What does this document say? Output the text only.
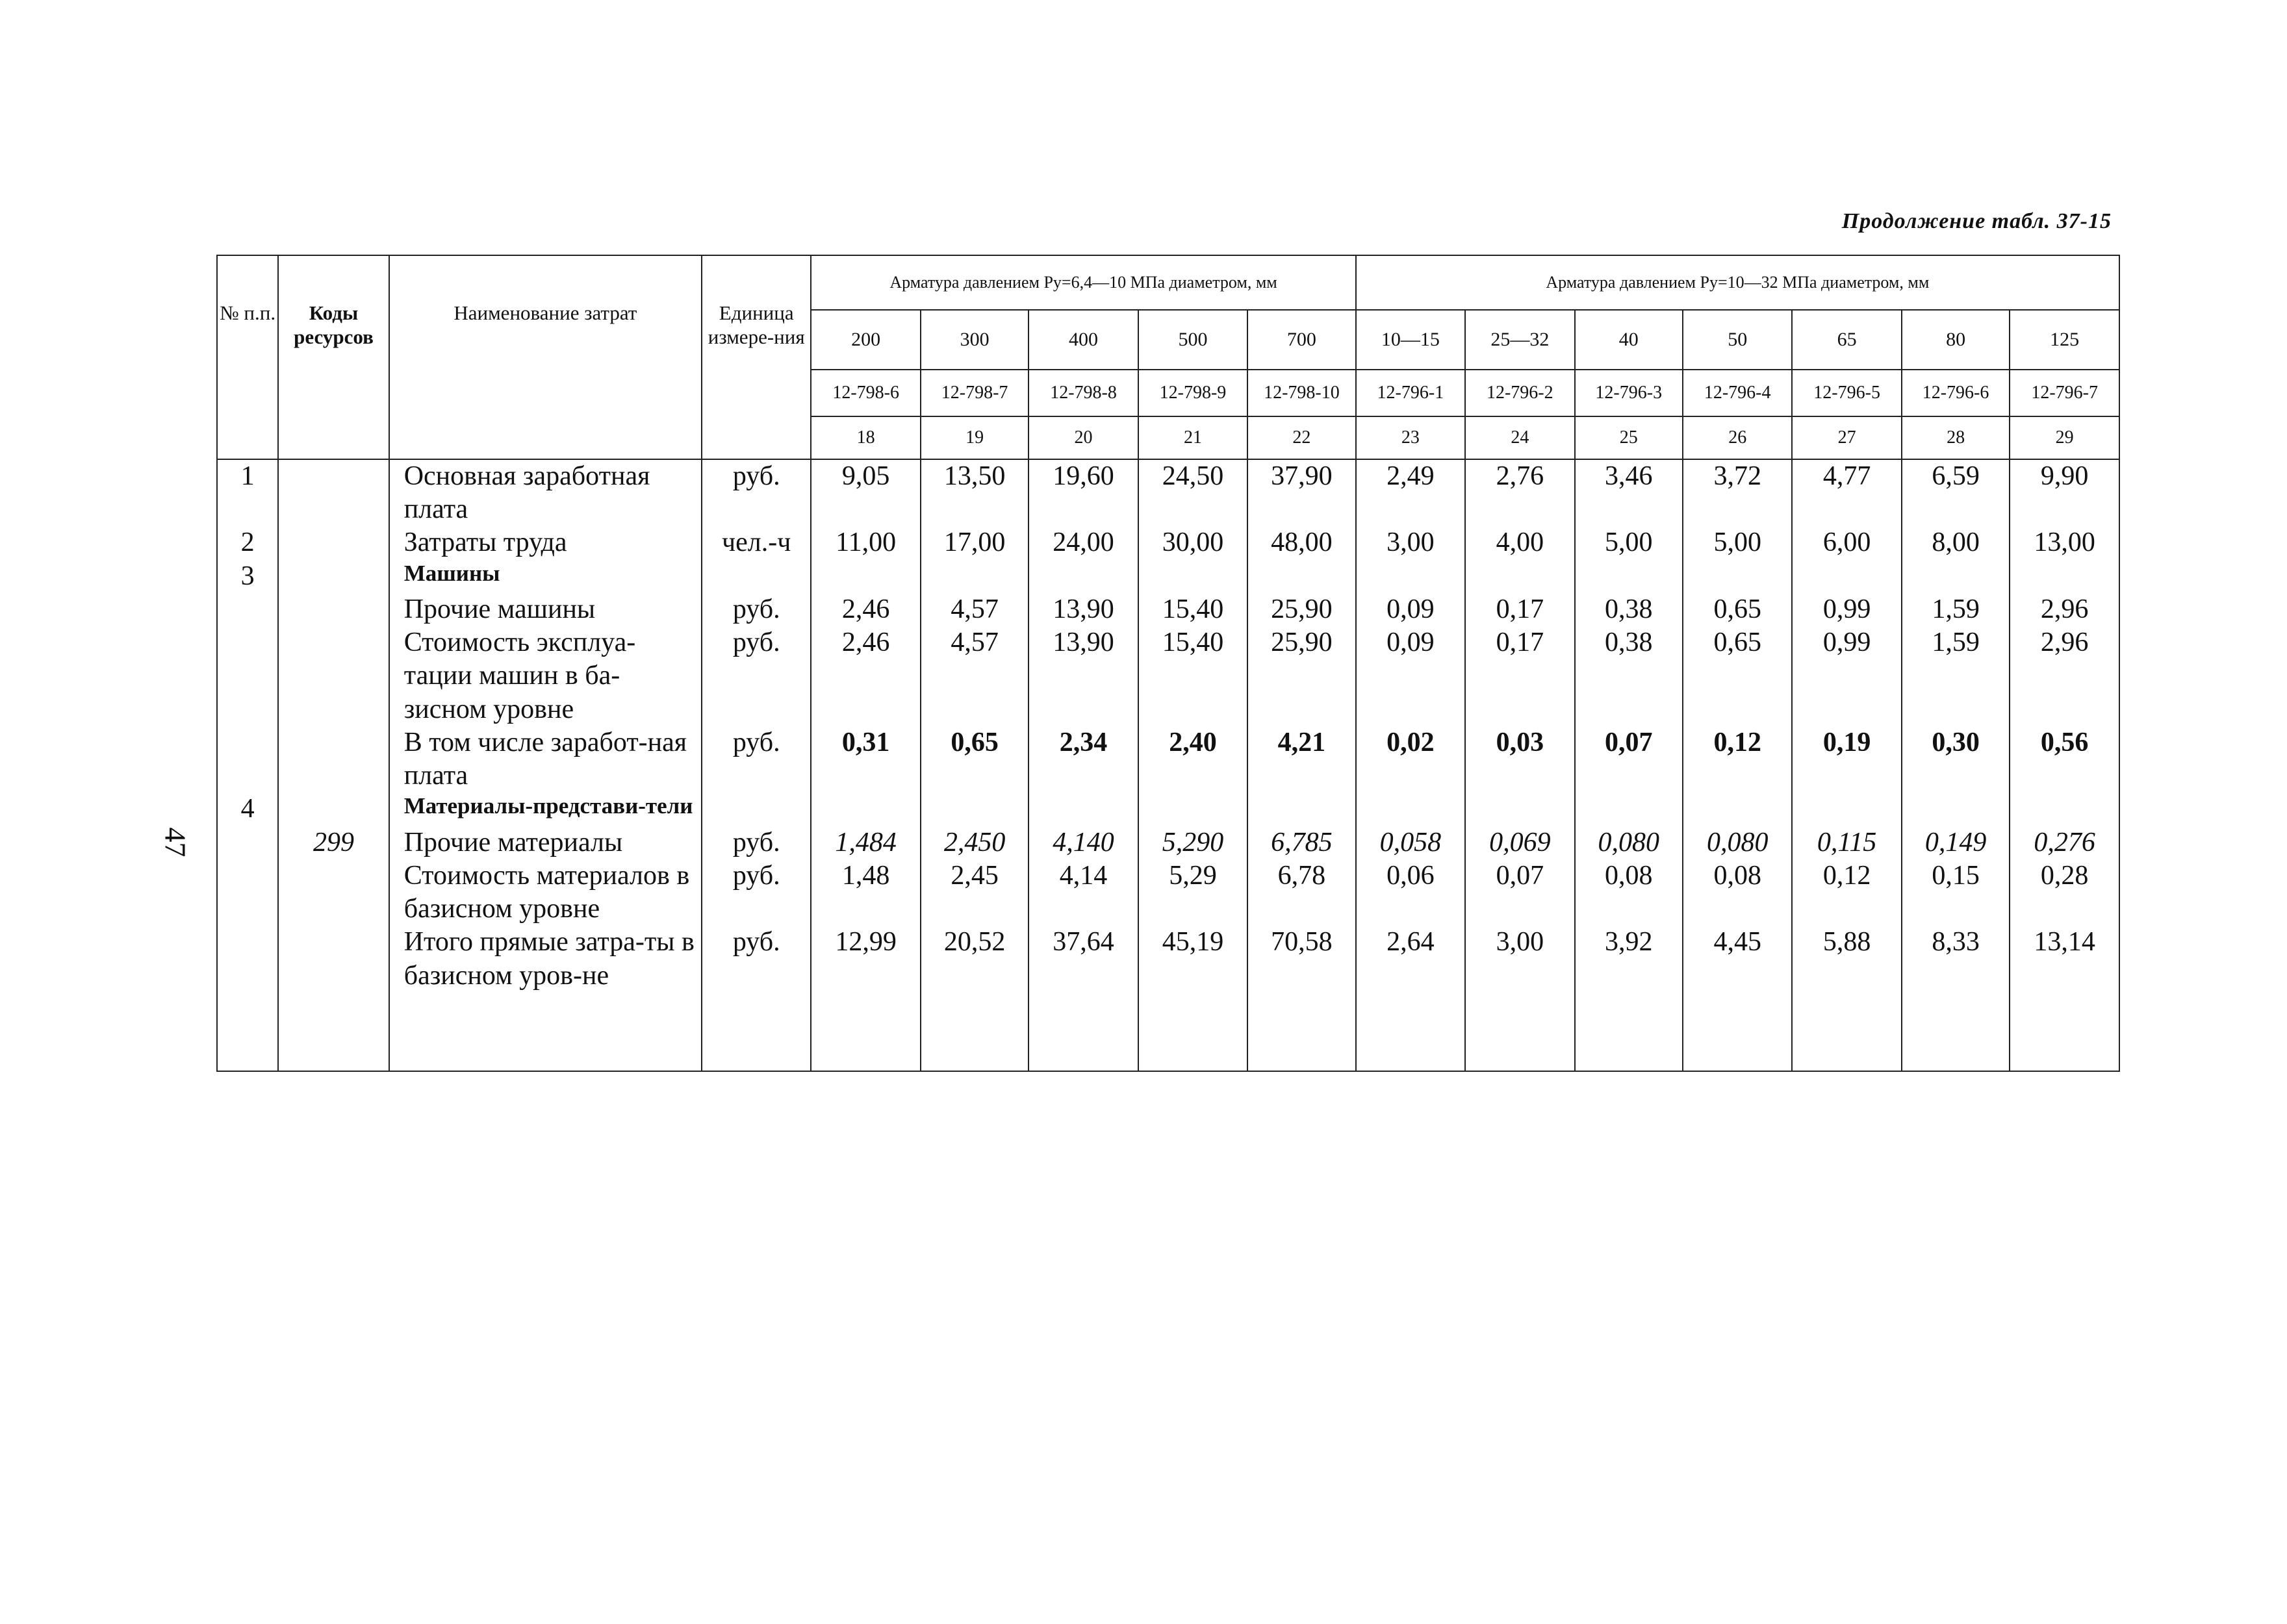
47
Продолжение табл. 37-15
№ п.п.	Коды ресурсов	Наименование затрат	Единица измере-ния	Арматура давлением Ру=6,4—10 МПа диаметром, мм					Арматура давлением Ру=10—32 МПа диаметром, мм						
				200	300	400	500	700	10—15	25—32	40	50	65	80	125
				12-798-6	12-798-7	12-798-8	12-798-9	12-798-10	12-796-1	12-796-2	12-796-3	12-796-4	12-796-5	12-796-6	12-796-7
				18	19	20	21	22	23	24	25	26	27	28	29
1		Основная заработная плата	руб.	9,05	13,50	19,60	24,50	37,90	2,49	2,76	3,46	3,72	4,77	6,59	9,90
2		Затраты труда	чел.-ч	11,00	17,00	24,00	30,00	48,00	3,00	4,00	5,00	5,00	6,00	8,00	13,00
3		Машины													
		Прочие машины	руб.	2,46	4,57	13,90	15,40	25,90	0,09	0,17	0,38	0,65	0,99	1,59	2,96
		Стоимость эксплуа-тации машин в ба-зисном уровне	руб.	2,46	4,57	13,90	15,40	25,90	0,09	0,17	0,38	0,65	0,99	1,59	2,96
		В том числе заработ-ная плата	руб.	0,31	0,65	2,34	2,40	4,21	0,02	0,03	0,07	0,12	0,19	0,30	0,56
4		Материалы-представи-тели													
	299	Прочие материалы	руб.	1,484	2,450	4,140	5,290	6,785	0,058	0,069	0,080	0,080	0,115	0,149	0,276
		Стоимость материалов в базисном уровне	руб.	1,48	2,45	4,14	5,29	6,78	0,06	0,07	0,08	0,08	0,12	0,15	0,28
		Итого прямые затра-ты в базисном уров-не	руб.	12,99	20,52	37,64	45,19	70,58	2,64	3,00	3,92	4,45	5,88	8,33	13,14
